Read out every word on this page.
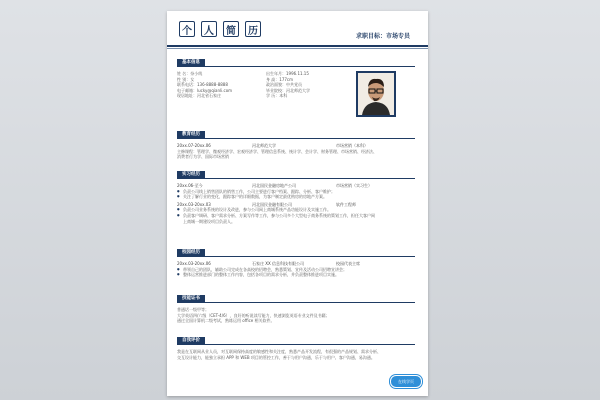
个	人	简	历	求职目标：市场专员
基本信息
姓 名：奈小线	出生年月：1996.11.15
性 别：女	身 高：177cm
联系电话：136-8888-8888	政治面貌：中共党员
电子邮箱：lucky@qianli.com	毕业院校：河北师范大学
现居地址：河北省石家庄	学 历：本科
教育经历
20xx.07-20xx.06	河北师范大学	市场营销（本科）
主修课程：管理学、微观经济学、宏观经济学、管理信息系统、统计学、会计学、财务管理、市场营销、经济法、
消费者行为学、国际市场营销
实习经历
20xx.06-至今	河北国民金融房地产公司	市场营销（实习生）
● 负责公司线上销售团队的销售工作，公司主要进行客户档案、跟踪、分析、客户维护；
● 关注了解行业的变化，跟踪客户的详细数据，为客户制定最优购房的房地产方案。
20xx.03-20xx.03	河北国民金融有限公司	软件工程师
● 负责公司业务系统的设计及改进，参与公司网上商城系统产品功能设计及实施工作。
● 负责客户调研、客户需求分析、方案写作等工作，参与公司多个大型电子商务系统的策划工作，担任大客户网
上商城一期建设项目负责人。
校园经历
20xx.03-20xx.06	石家庄 XX 信息科技有限公司	校园代表主席
● 带领自己的团队，辅助公司完成在各高校的招聘会，熟悉策划、宣传及活动公司招聘宣讲会；
● 整体运营推进部门的整体工作内容，包括各项目的需求分析，并负责整体推进项目实施。
技能证书
普通话一级甲等；
大学英语四/六级（CET-4/6），良好的听说读写能力，快速浏览英语专业文件及书籍；
通过全国计算机二级考试，熟练运用 office 相关软件。
自我评价
我是在互联网从业人员，对互联网保持高度的敏感性和关注度，熟悉产品开发流程，有很强的产品规划、需求分析、
交互设计能力，能独立承担 APP 和 WEB 项目的管控工作，善于与用户沟通，乐于与用户、客户沟通，易沟通。
在线学页
